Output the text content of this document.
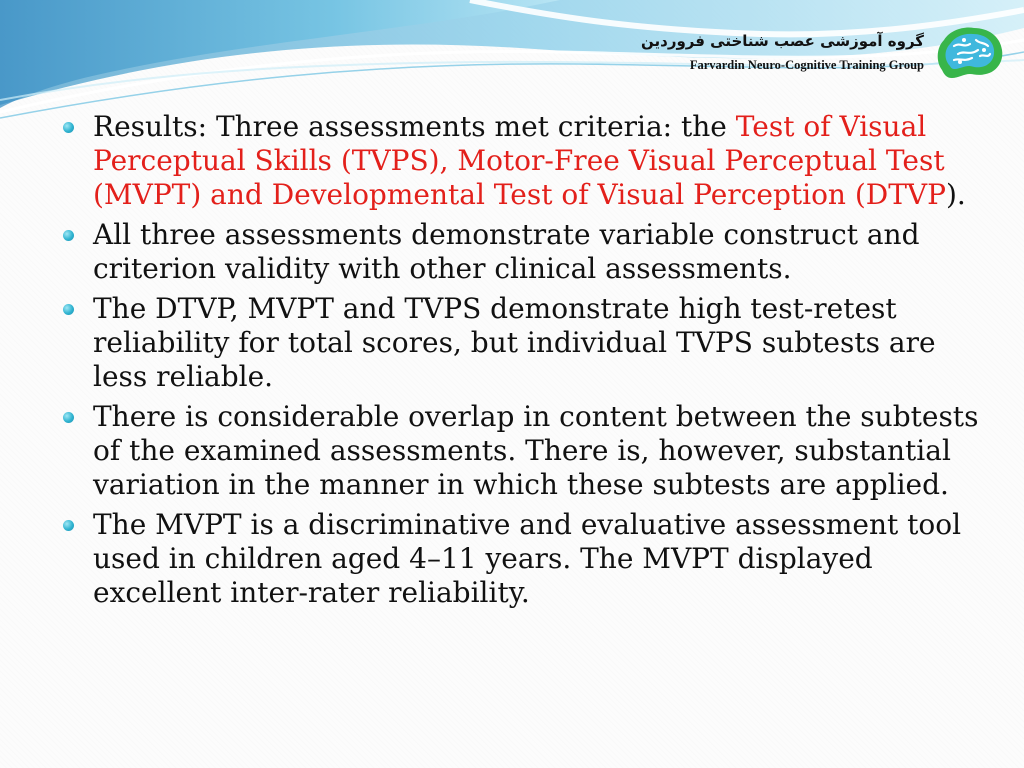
گروه آموزشی عصب شناختی فروردین
Farvardin Neuro-Cognitive Training Group
Results: Three assessments met criteria: the Test of Visual Perceptual Skills (TVPS), Motor-Free Visual Perceptual Test (MVPT) and Developmental Test of Visual Perception (DTVP).
All three assessments demonstrate variable construct and criterion validity with other clinical assessments.
The DTVP, MVPT and TVPS demonstrate high test-retest reliability for total scores, but individual TVPS subtests are less reliable.
There is considerable overlap in content between the subtests of the examined assessments. There is, however, substantial variation in the manner in which these subtests are applied.
The MVPT is a discriminative and evaluative assessment tool used in children aged 4–11 years. The MVPT displayed excellent inter-rater reliability.
